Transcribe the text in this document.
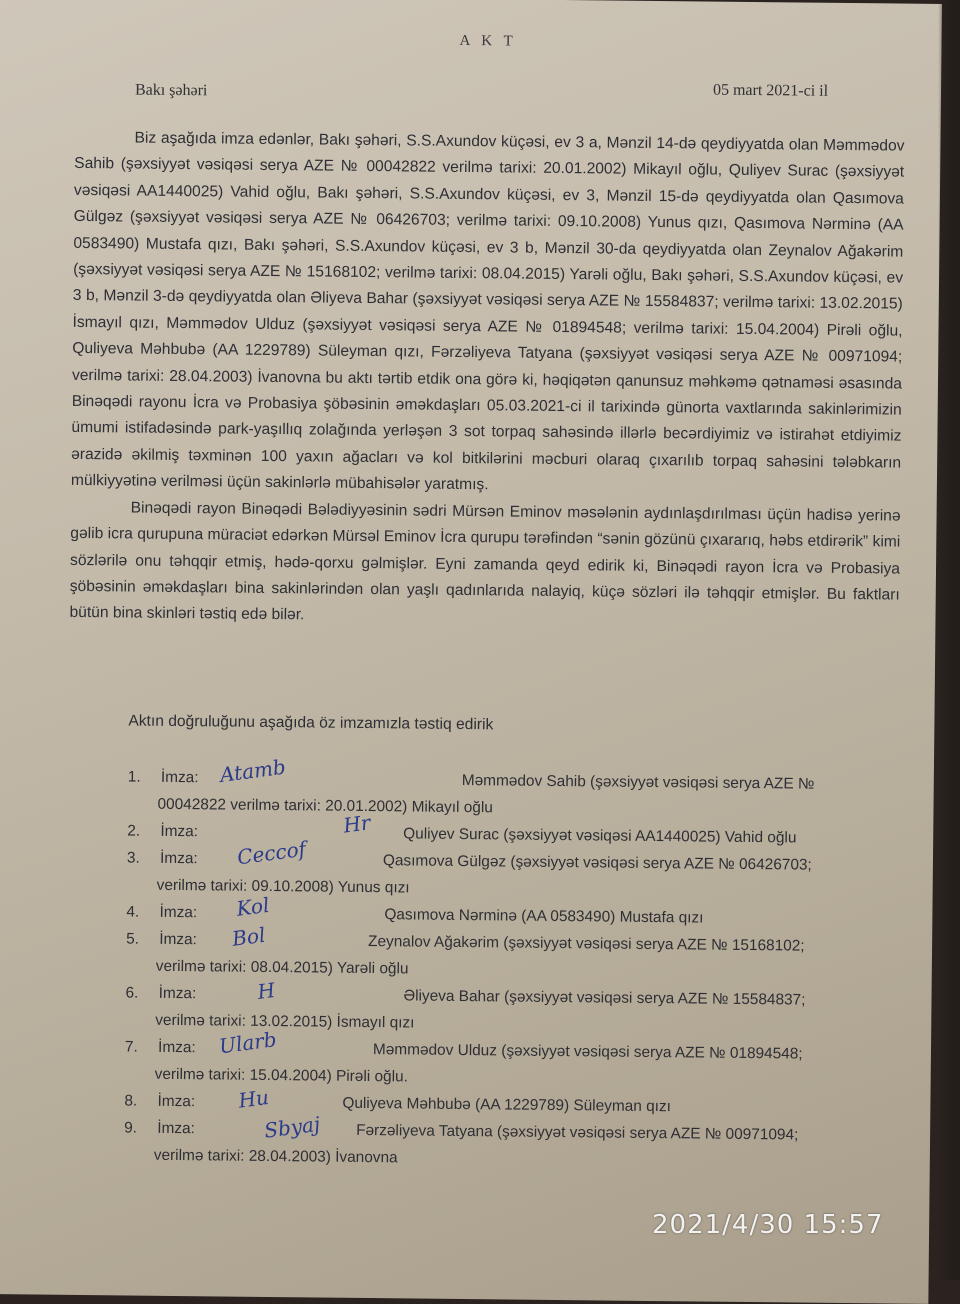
A K T
Bakı şəhəri	05 mart 2021-ci il

Biz aşağıda imza edənlər, Bakı şəhəri, S.S.Axundov küçəsi, ev 3 a, Mənzil 14-də qeydiyyatda olan Məmmədov Sahib (şəxsiyyət vəsiqəsi serya AZE № 00042822 verilmə tarixi: 20.01.2002) Mikayıl oğlu, Quliyev Surac (şəxsiyyət vəsiqəsi AA1440025) Vahid oğlu, Bakı şəhəri, S.S.Axundov küçəsi, ev 3, Mənzil 15-də qeydiyyatda olan Qasımova Gülgəz (şəxsiyyət vəsiqəsi serya AZE № 06426703; verilmə tarixi: 09.10.2008) Yunus qızı, Qasımova Nərminə (AA 0583490) Mustafa qızı, Bakı şəhəri, S.S.Axundov küçəsi, ev 3 b, Mənzil 30-da qeydiyyatda olan Zeynalov Ağakərim (şəxsiyyət vəsiqəsi serya AZE № 15168102; verilmə tarixi: 08.04.2015) Yarəli oğlu, Bakı şəhəri, S.S.Axundov küçəsi, ev 3 b, Mənzil 3-də qeydiyyatda olan Əliyeva Bahar (şəxsiyyət vəsiqəsi serya AZE № 15584837; verilmə tarixi: 13.02.2015) İsmayıl qızı, Məmmədov Ulduz (şəxsiyyət vəsiqəsi serya AZE № 01894548; verilmə tarixi: 15.04.2004) Pirəli oğlu, Quliyeva Məhbubə (AA 1229789) Süleyman qızı, Fərzəliyeva Tatyana (şəxsiyyət vəsiqəsi serya AZE № 00971094; verilmə tarixi: 28.04.2003) İvanovna bu aktı tərtib etdik ona görə ki, həqiqətən qanunsuz məhkəmə qətnaməsi əsasında Binəqədi rayonu İcra və Probasiya şöbəsinin əməkdaşları 05.03.2021-ci il tarixində günorta vaxtlarında sakinlərimizin ümumi istifadəsində park-yaşıllıq zolağında yerləşən 3 sot torpaq sahəsində illərlə becərdiyimiz və istirahət etdiyimiz ərazidə əkilmiş təxminən 100 yaxın ağacları və kol bitkilərini məcburi olaraq çıxarılıb torpaq sahəsini tələbkarın mülkiyyətinə verilməsi üçün sakinlərlə mübahisələr yaratmış.

Binəqədi rayon Binəqədi Bələdiyyəsinin sədri Mürsən Eminov məsələnin aydınlaşdırılması üçün hadisə yerinə gəlib icra qurupuna müraciət edərkən Mürsəl Eminov İcra qurupu tərəfindən “sənin gözünü çıxararıq, həbs etdirərik” kimi sözlərilə onu təhqqir etmiş, hədə-qorxu gəlmişlər. Eyni zamanda qeyd edirik ki, Binəqədi rayon İcra və Probasiya şöbəsinin əməkdaşları bina sakinlərindən olan yaşlı qadınlarıda nalayiq, küçə sözləri ilə təhqqir etmişlər. Bu faktları bütün bina skinləri təstiq edə bilər.

Aktın doğruluğunu aşağıda öz imzamızla təstiq edirik
1. İmza:	Məmmədov Sahib (şəxsiyyət vəsiqəsi serya AZE №
00042822 verilmə tarixi: 20.01.2002) Mikayıl oğlu
Atamb
2. İmza:	Quliyev Surac (şəxsiyyət vəsiqəsi AA1440025) Vahid oğlu
Hr
3. İmza:	Qasımova Gülgəz (şəxsiyyət vəsiqəsi serya AZE № 06426703;
verilmə tarixi: 09.10.2008) Yunus qızı
Ceccof
4. İmza:	Qasımova Nərminə (AA 0583490) Mustafa qızı
Kol
5. İmza:	Zeynalov Ağakərim (şəxsiyyət vəsiqəsi serya AZE № 15168102;
verilmə tarixi: 08.04.2015) Yarəli oğlu
Bol
6. İmza:	Əliyeva Bahar (şəxsiyyət vəsiqəsi serya AZE № 15584837;
verilmə tarixi: 13.02.2015) İsmayıl qızı
H
7. İmza:	Məmmədov Ulduz (şəxsiyyət vəsiqəsi serya AZE № 01894548;
verilmə tarixi: 15.04.2004) Pirəli oğlu.
Ularb
8. İmza:	Quliyeva Məhbubə (AA 1229789) Süleyman qızı
Hu
9. İmza:	Fərzəliyeva Tatyana (şəxsiyyət vəsiqəsi serya AZE № 00971094;
verilmə tarixi: 28.04.2003) İvanovna
Sbyaj
2021/4/30 15:57
